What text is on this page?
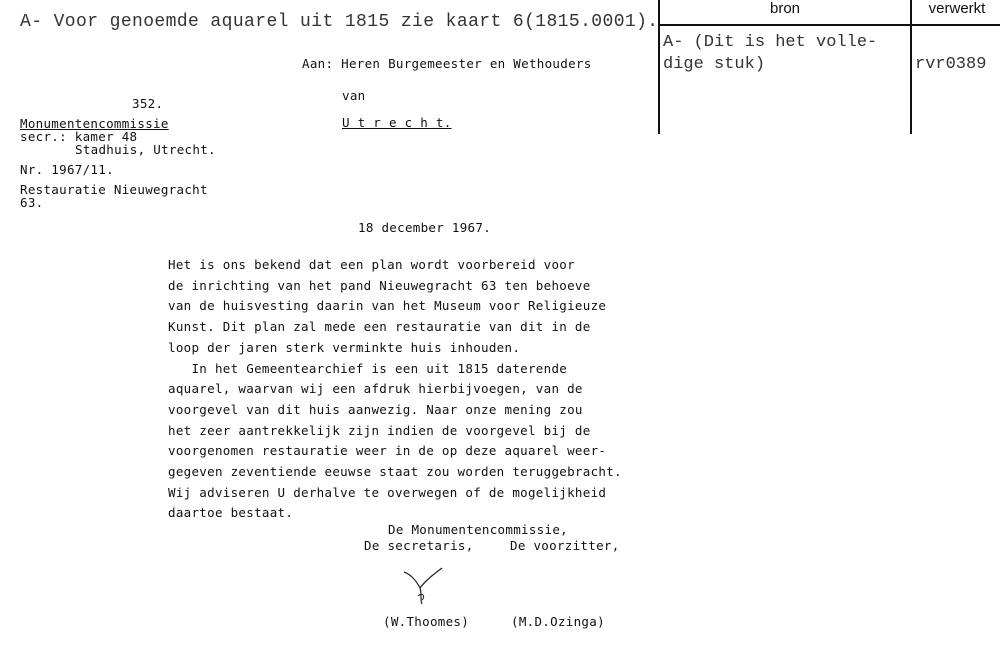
A- Voor genoemde aquarel uit 1815 zie kaart 6(1815.0001).
bron	verwerkt
A- (Dit is het volle-
dige stuk)	rvr0389
Aan: Heren Burgemeester en Wethouders
van
U t r e c h t.
352.
Monumentencommissie
secr.: kamer 48
Stadhuis, Utrecht.
Nr. 1967/11.
Restauratie Nieuwegracht
63.
18 december 1967.
Het is ons bekend dat een plan wordt voorbereid voor
de inrichting van het pand Nieuwegracht 63 ten behoeve
van de huisvesting daarin van het Museum voor Religieuze
Kunst. Dit plan zal mede een restauratie van dit in de
loop der jaren sterk verminkte huis inhouden.
In het Gemeentearchief is een uit 1815 daterende
aquarel, waarvan wij een afdruk hierbijvoegen, van de
voorgevel van dit huis aanwezig. Naar onze mening zou
het zeer aantrekkelijk zijn indien de voorgevel bij de
voorgenomen restauratie weer in de op deze aquarel weer-
gegeven zeventiende eeuwse staat zou worden teruggebracht.
Wij adviseren U derhalve te overwegen of de mogelijkheid
daartoe bestaat.
De Monumentencommissie,
De secretaris,	De voorzitter,
(W.Thoomes)	(M.D.Ozinga)
